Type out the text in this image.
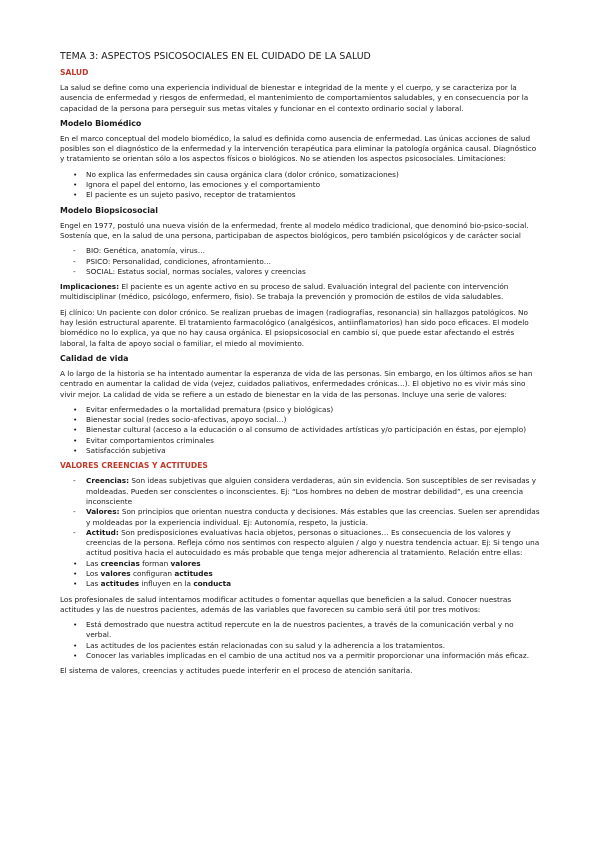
TEMA 3: ASPECTOS PSICOSOCIALES EN EL CUIDADO DE LA SALUD
SALUD
La salud se define como una experiencia individual de bienestar e integridad de la mente y el cuerpo, y se caracteriza por la ausencia de enfermedad y riesgos de enfermedad, el mantenimiento de comportamientos saludables, y en consecuencia por la capacidad de la persona para perseguir sus metas vitales y funcionar en el contexto ordinario social y laboral.
Modelo Biomédico
En el marco conceptual del modelo biomédico, la salud es definida como ausencia de enfermedad. Las únicas acciones de salud posibles son el diagnóstico de la enfermedad y la intervención terapéutica para eliminar la patología orgánica causal. Diagnóstico y tratamiento se orientan sólo a los aspectos físicos o biológicos. No se atienden los aspectos psicosociales. Limitaciones:
• No explica las enfermedades sin causa orgánica clara (dolor crónico, somatizaciones)
• Ignora el papel del entorno, las emociones y el comportamiento
• El paciente es un sujeto pasivo, receptor de tratamientos
Modelo Biopsicosocial
Engel en 1977, postuló una nueva visión de la enfermedad, frente al modelo médico tradicional, que denominó bio-psico-social. Sostenía que, en la salud de una persona, participaban de aspectos biológicos, pero también psicológicos y de carácter social
- BIO: Genética, anatomía, virus…
- PSICO: Personalidad, condiciones, afrontamiento…
- SOCIAL: Estatus social, normas sociales, valores y creencias
Implicaciones: El paciente es un agente activo en su proceso de salud. Evaluación integral del paciente con intervención multidisciplinar (médico, psicólogo, enfermero, fisio). Se trabaja la prevención y promoción de estilos de vida saludables.
Ej clínico: Un paciente con dolor crónico. Se realizan pruebas de imagen (radiografías, resonancia) sin hallazgos patológicos. No hay lesión estructural aparente. El tratamiento farmacológico (analgésicos, antiinflamatorios) han sido poco eficaces. El modelo biomédico no lo explica, ya que no hay causa orgánica. El psiopsicosocial en cambio sí, que puede estar afectando el estrés laboral, la falta de apoyo social o familiar, el miedo al movimiento.
Calidad de vida
A lo largo de la historia se ha intentado aumentar la esperanza de vida de las personas. Sin embargo, en los últimos años se han centrado en aumentar la calidad de vida (vejez, cuidados paliativos, enfermedades crónicas…). El objetivo no es vivir más sino vivir mejor. La calidad de vida se refiere a un estado de bienestar en la vida de las personas. Incluye una serie de valores:
• Evitar enfermedades o la mortalidad prematura (psico y biológicas)
• Bienestar social (redes socio-afectivas, apoyo social…)
• Bienestar cultural (acceso a la educación o al consumo de actividades artísticas y/o participación en éstas, por ejemplo)
• Evitar comportamientos criminales
• Satisfacción subjetiva
VALORES CREENCIAS Y ACTITUDES
- Creencias: Son ideas subjetivas que alguien considera verdaderas, aún sin evidencia. Son susceptibles de ser revisadas y moldeadas. Pueden ser conscientes o inconscientes. Ej: “Los hombres no deben de mostrar debilidad”, es una creencia inconsciente
- Valores: Son principios que orientan nuestra conducta y decisiones. Más estables que las creencias. Suelen ser aprendidas y moldeadas por la experiencia individual. Ej: Autonomía, respeto, la justicia.
- Actitud: Son predisposiciones evaluativas hacia objetos, personas o situaciones… Es consecuencia de los valores y creencias de la persona. Refleja cómo nos sentimos con respecto alguien / algo y nuestra tendencia actuar. Ej: Si tengo una actitud positiva hacia el autocuidado es más probable que tenga mejor adherencia al tratamiento. Relación entre ellas:
• Las creencias forman valores
• Los valores configuran actitudes
• Las actitudes influyen en la conducta
Los profesionales de salud intentamos modificar actitudes o fomentar aquellas que beneficien a la salud. Conocer nuestras actitudes y las de nuestros pacientes, además de las variables que favorecen su cambio será útil por tres motivos:
• Está demostrado que nuestra actitud repercute en la de nuestros pacientes, a través de la comunicación verbal y no verbal.
• Las actitudes de los pacientes están relacionadas con su salud y la adherencia a los tratamientos.
• Conocer las variables implicadas en el cambio de una actitud nos va a permitir proporcionar una información más eficaz.
El sistema de valores, creencias y actitudes puede interferir en el proceso de atención sanitaria.
